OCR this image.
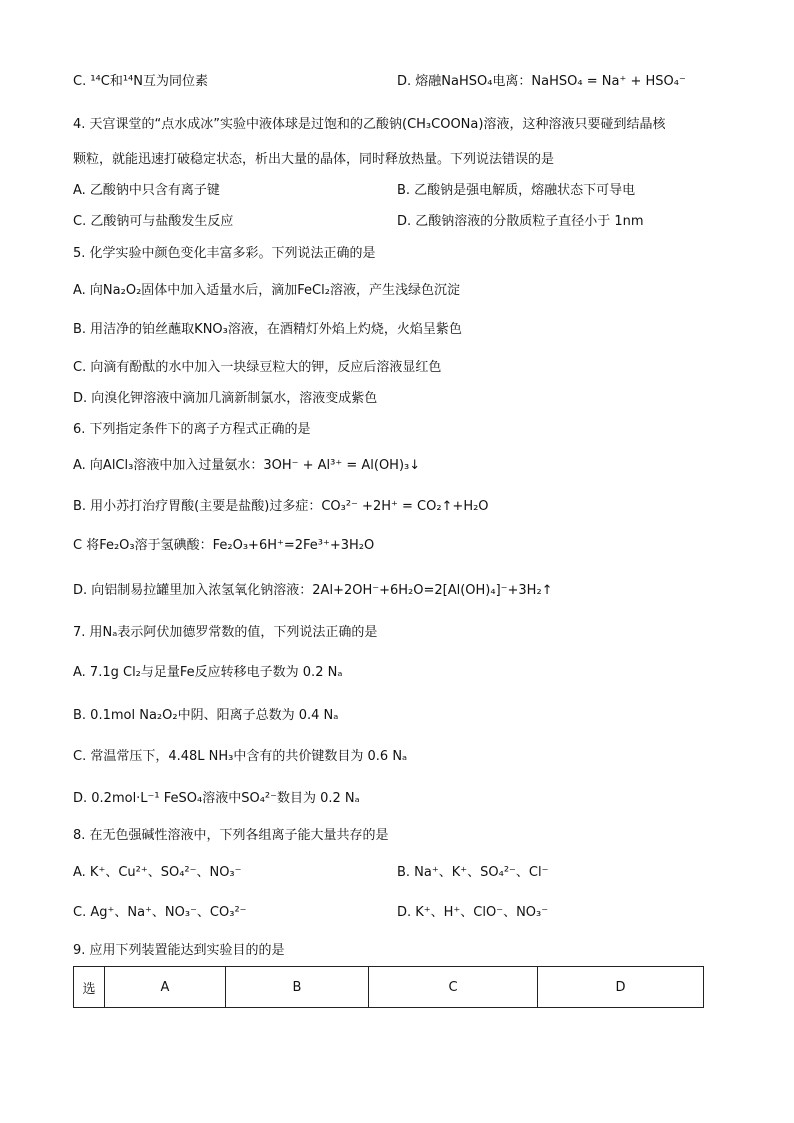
C. ¹⁴C和¹⁴N互为同位素	D. 熔融NaHSO₄电离：NaHSO₄ = Na⁺ + HSO₄⁻
4. 天宫课堂的“点水成冰”实验中液体球是过饱和的乙酸钠(CH₃COONa)溶液，这种溶液只要碰到结晶核
颗粒，就能迅速打破稳定状态，析出大量的晶体，同时释放热量。下列说法错误的是
A. 乙酸钠中只含有离子键	B. 乙酸钠是强电解质，熔融状态下可导电
C. 乙酸钠可与盐酸发生反应	D. 乙酸钠溶液的分散质粒子直径小于 1nm
5. 化学实验中颜色变化丰富多彩。下列说法正确的是
A. 向Na₂O₂固体中加入适量水后，滴加FeCl₂溶液，产生浅绿色沉淀
B. 用洁净的铂丝蘸取KNO₃溶液，在酒精灯外焰上灼烧，火焰呈紫色
C. 向滴有酚酞的水中加入一块绿豆粒大的钾，反应后溶液显红色
D. 向溴化钾溶液中滴加几滴新制氯水，溶液变成紫色
6. 下列指定条件下的离子方程式正确的是
A. 向AlCl₃溶液中加入过量氨水：3OH⁻ + Al³⁺ = Al(OH)₃↓
B. 用小苏打治疗胃酸(主要是盐酸)过多症：CO₃²⁻ +2H⁺ = CO₂↑+H₂O
C 将Fe₂O₃溶于氢碘酸：Fe₂O₃+6H⁺=2Fe³⁺+3H₂O
D. 向铝制易拉罐里加入浓氢氧化钠溶液：2Al+2OH⁻+6H₂O=2[Al(OH)₄]⁻+3H₂↑
7. 用Nₐ表示阿伏加德罗常数的值，下列说法正确的是
A. 7.1g Cl₂与足量Fe反应转移电子数为 0.2 Nₐ
B. 0.1mol Na₂O₂中阴、阳离子总数为 0.4 Nₐ
C. 常温常压下，4.48L NH₃中含有的共价键数目为 0.6 Nₐ
D. 0.2mol·L⁻¹ FeSO₄溶液中SO₄²⁻数目为 0.2 Nₐ
8. 在无色强碱性溶液中，下列各组离子能大量共存的是
A. K⁺、Cu²⁺、SO₄²⁻、NO₃⁻	B. Na⁺、K⁺、SO₄²⁻、Cl⁻
C. Ag⁺、Na⁺、NO₃⁻、CO₃²⁻	D. K⁺、H⁺、ClO⁻、NO₃⁻
9. 应用下列装置能达到实验目的的是
选	A	B	C	D
